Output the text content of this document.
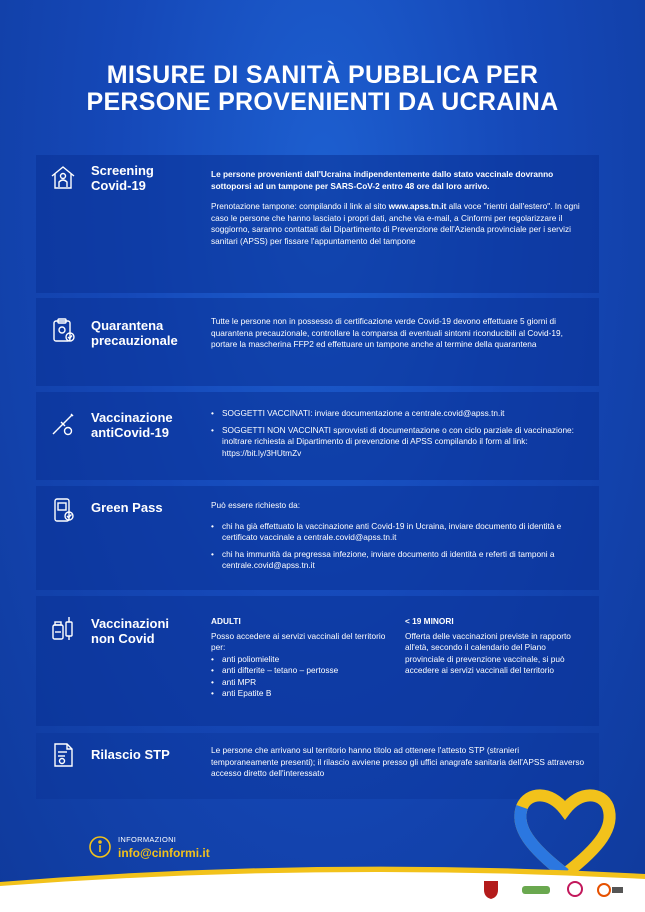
MISURE DI SANITÀ PUBBLICA PER
PERSONE PROVENIENTI DA UCRAINA
Screening
Covid-19

Le persone provenienti dall'Ucraina indipendentemente dallo stato vaccinale dovranno sottoporsi ad un tampone per SARS-CoV-2 entro 48 ore dal loro arrivo.

Prenotazione tampone: compilando il link al sito www.apss.tn.it alla voce "rientri dall'estero". In ogni caso le persone che hanno lasciato i propri dati, anche via e-mail, a Cinformi per regolarizzare il soggiorno, saranno contattati dal Dipartimento di Prevenzione dell'Azienda provinciale per i servizi sanitari (APSS) per fissare l'appuntamento del tampone

Quarantena
precauzionale

Tutte le persone non in possesso di certificazione verde Covid-19 devono effettuare 5 giorni di quarantena precauzionale, controllare la comparsa di eventuali sintomi riconducibili al Covid-19, portare la mascherina FFP2 ed effettuare un tampone anche al termine della quarantena

Vaccinazione
antiCovid-19
• SOGGETTI VACCINATI: inviare documentazione a centrale.covid@apss.tn.it
• SOGGETTI NON VACCINATI sprovvisti di documentazione o con ciclo parziale di vaccinazione: inoltrare richiesta al Dipartimento di prevenzione di APSS compilando il form al link: https://bit.ly/3HUtmZv
Green Pass	Può essere richiesto da:

• chi ha già effettuato la vaccinazione anti Covid-19 in Ucraina, inviare documento di identità e certificato vaccinale a centrale.covid@apss.tn.it
• chi ha immunità da pregressa infezione, inviare documento di identità e referti di tamponi a centrale.covid@apss.tn.it
Vaccinazioni
non Covid
ADULTI
Posso accedere ai servizi vaccinali del territorio per:
• anti poliomielite
• anti difterite – tetano – pertosse
• anti MPR
• anti Epatite B
< 19 MINORI
Offerta delle vaccinazioni previste in rapporto all'età, secondo il calendario del Piano provinciale di prevenzione vaccinale, si può accedere ai servizi vaccinali del territorio
Rilascio STP	Le persone che arrivano sul territorio hanno titolo ad ottenere l'attesto STP (stranieri temporaneamente presenti); il rilascio avviene presso gli uffici anagrafe sanitaria dell'APSS attraverso accesso diretto dell'interessato

INFORMAZIONI
info@cinformi.it
